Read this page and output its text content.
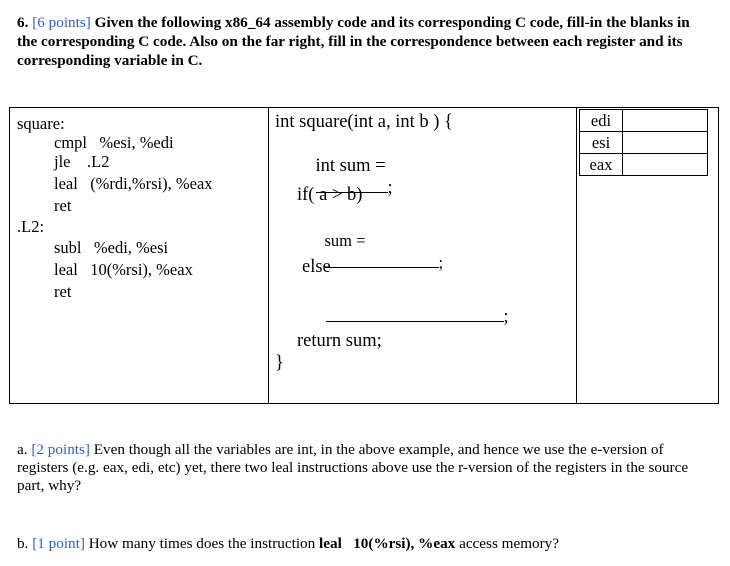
6. [6 points] Given the following x86_64 assembly code and its corresponding C code, fill-in the blanks in the corresponding C code. Also on the far right, fill in the correspondence between each register and its corresponding variable in C.
square:
cmpl   %esi, %edi
jle    .L2
leal   (%rdi,%rsi), %eax
ret
.L2:
subl   %edi, %esi
leal   10(%rsi), %eax
ret
int square(int a, int b ) {

int sum =
;

if( a > b)

sum =
;

else

;

return sum;
}
edi	
esi	
eax	
a. [2 points] Even though all the variables are int, in the above example, and hence we use the e-version of registers (e.g. eax, edi, etc) yet, there two leal instructions above use the r-version of the registers in the source part, why?
b. [1 point] How many times does the instruction leal   10(%rsi), %eax access memory?
